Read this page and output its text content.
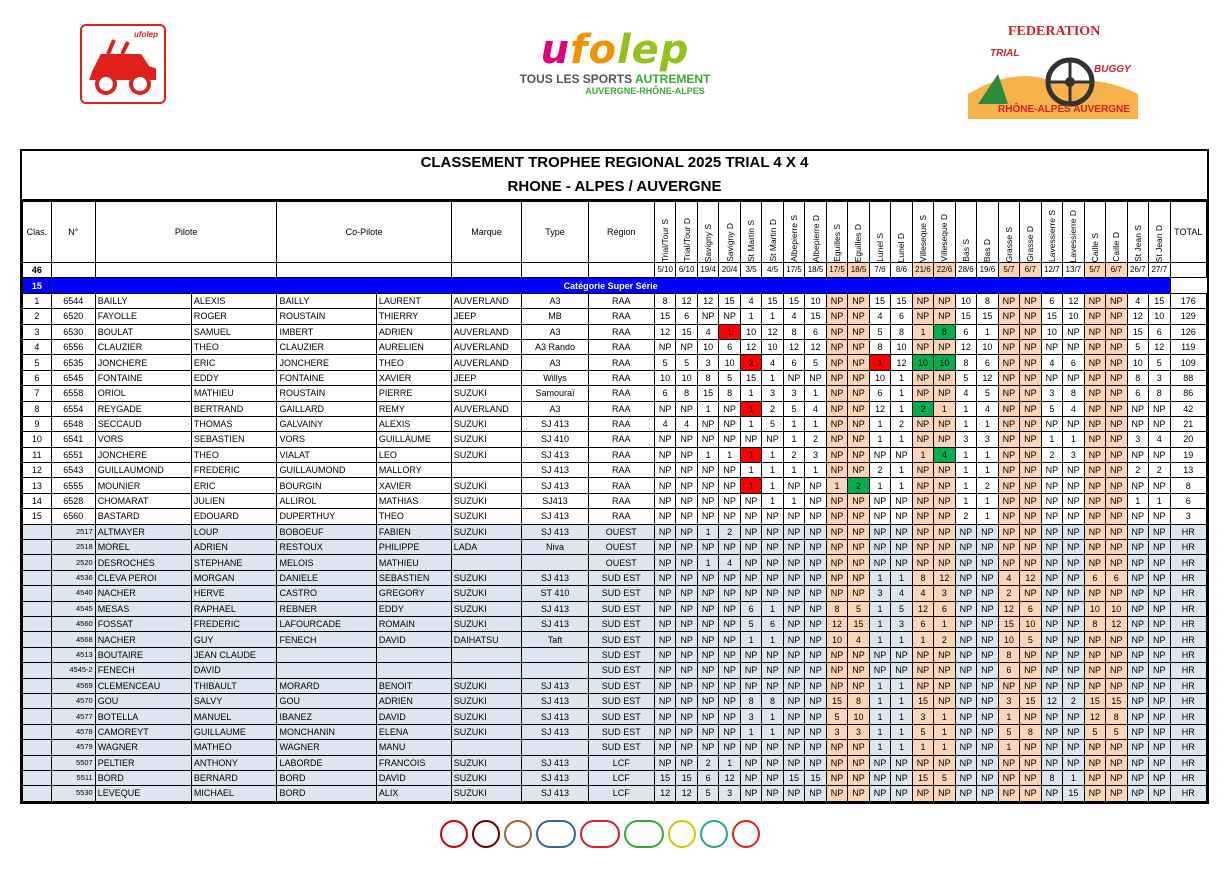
ufolep	ufolep
TOUS LES SPORTS AUTREMENT
AUVERGNE-RHÔNE-ALPES
FEDERATION
TRIAL
BUGGY
RHÔNE-ALPES AUVERGNE
CLASSEMENT TROPHEE REGIONAL 2025 TRIAL 4 X 4
RHONE - ALPES / AUVERGNE
Clas.	N°	Pilote		Co-Pilote		Marque	Type	Région	Trial/Tour S	Trial/Tour D	Savigny S	Savigny D	St Martin S	St Martin D	Albepierre S	Albepierre D	Eguilles S	Eguilles D	Lunel S	Lunel D	Villeseque S	Villeseque D	Bas S	Bas D	Grasse S	Grasse D	Lavessierre S	Lavessierre D	Caille S	Caille D	St Jean S	St Jean D	TOTAL
46									5/10	6/10	19/4	20/4	3/5	4/5	17/5	18/5	17/5	18/5	7/6	8/6	21/6	22/6	28/6	19/6	5/7	6/7	12/7	13/7	5/7	6/7	26/7	27/7	
15	Catégorie Super Série																																
1	6544	BAILLY	ALEXIS	BAILLY	LAURENT	AUVERLAND	A3	RAA	8	12	12	15	4	15	15	10	NP	NP	15	15	NP	NP	10	8	NP	NP	6	12	NP	NP	4	15	176
2	6520	FAYOLLE	ROGER	ROUSTAIN	THIERRY	JEEP	MB	RAA	15	6	NP	NP	1	1	4	15	NP	NP	4	6	NP	NP	15	15	NP	NP	15	10	NP	NP	12	10	129
3	6530	BOULAT	SAMUEL	IMBERT	ADRIEN	AUVERLAND	A3	RAA	12	15	4	1	10	12	8	6	NP	NP	5	8	1	8	6	1	NP	NP	10	NP	NP	NP	15	6	126
4	6556	CLAUZIER	THEO	CLAUZIER	AURELIEN	AUVERLAND	A3 Rando	RAA	NP	NP	10	6	12	10	12	12	NP	NP	8	10	NP	NP	12	10	NP	NP	NP	NP	NP	NP	5	12	119
5	6535	JONCHERE	ERIC	JONCHERE	THEO	AUVERLAND	A3	RAA	5	5	3	10	2	4	6	5	NP	NP	1	12	10	10	8	6	NP	NP	4	6	NP	NP	10	5	109
6	6545	FONTAINE	EDDY	FONTAINE	XAVIER	JEEP	Willys	RAA	10	10	8	5	15	1	NP	NP	NP	NP	10	1	NP	NP	5	12	NP	NP	NP	NP	NP	NP	8	3	88
7	6558	ORIOL	MATHIEU	ROUSTAIN	PIERRE	SUZUKI	Samouraï	RAA	6	8	15	8	1	3	3	1	NP	NP	6	1	NP	NP	4	5	NP	NP	3	8	NP	NP	6	8	86
8	6554	REYGADE	BERTRAND	GAILLARD	REMY	AUVERLAND	A3	RAA	NP	NP	1	NP	1	2	5	4	NP	NP	12	1	2	1	1	4	NP	NP	5	4	NP	NP	NP	NP	42
9	6548	SECCAUD	THOMAS	GALVAINY	ALEXIS	SUZUKI	SJ 413	RAA	4	4	NP	NP	1	5	1	1	NP	NP	1	2	NP	NP	1	1	NP	NP	NP	NP	NP	NP	NP	NP	21
10	6541	VORS	SEBASTIEN	VORS	GUILLAUME	SUZUKI	SJ 410	RAA	NP	NP	NP	NP	NP	NP	1	2	NP	NP	1	1	NP	NP	3	3	NP	NP	1	1	NP	NP	3	4	20
11	6551	JONCHERE	THEO	VIALAT	LEO	SUZUKI	SJ 413	RAA	NP	NP	1	1	1	1	2	3	NP	NP	NP	NP	1	4	1	1	NP	NP	2	3	NP	NP	NP	NP	19
12	6543	GUILLAUMOND	FREDERIC	GUILLAUMOND	MALLORY		SJ 413	RAA	NP	NP	NP	NP	1	1	1	1	NP	NP	2	1	NP	NP	1	1	NP	NP	NP	NP	NP	NP	2	2	13
13	6555	MOUNIER	ERIC	BOURGIN	XAVIER	SUZUKI	SJ 413	RAA	NP	NP	NP	NP	1	1	NP	NP	1	2	1	1	NP	NP	1	2	NP	NP	NP	NP	NP	NP	NP	NP	8
14	6528	CHOMARAT	JULIEN	ALLIROL	MATHIAS	SUZUKI	SJ413	RAA	NP	NP	NP	NP	NP	1	1	NP	NP	NP	NP	NP	NP	NP	1	1	NP	NP	NP	NP	NP	NP	1	1	6
15	6560	BASTARD	EDOUARD	DUPERTHUY	THEO	SUZUKI	SJ 413	RAA	NP	NP	NP	NP	NP	NP	NP	NP	NP	NP	NP	NP	NP	NP	2	1	NP	NP	NP	NP	NP	NP	NP	NP	3
	2517	ALTMAYER	LOUP	BOBOEUF	FABIEN	SUZUKI	SJ 413	OUEST	NP	NP	1	2	NP	NP	NP	NP	NP	NP	NP	NP	NP	NP	NP	NP	NP	NP	NP	NP	NP	NP	NP	NP	HR
	2518	MOREL	ADRIEN	RESTOUX	PHILIPPE	LADA	Niva	OUEST	NP	NP	NP	NP	NP	NP	NP	NP	NP	NP	NP	NP	NP	NP	NP	NP	NP	NP	NP	NP	NP	NP	NP	NP	HR
	2520	DESROCHES	STEPHANE	MELOIS	MATHIEU			OUEST	NP	NP	1	4	NP	NP	NP	NP	NP	NP	NP	NP	NP	NP	NP	NP	NP	NP	NP	NP	NP	NP	NP	NP	HR
	4536	CLEVA PEROI	MORGAN	DANIELE	SEBASTIEN	SUZUKI	SJ 413	SUD EST	NP	NP	NP	NP	NP	NP	NP	NP	NP	NP	1	1	8	12	NP	NP	4	12	NP	NP	6	6	NP	NP	HR
	4540	NACHER	HERVE	CASTRO	GREGORY	SUZUKI	ST 410	SUD EST	NP	NP	NP	NP	NP	NP	NP	NP	NP	NP	3	4	4	3	NP	NP	2	NP	NP	NP	NP	NP	NP	NP	HR
	4545	MESAS	RAPHAEL	REBNER	EDDY	SUZUKI	SJ 413	SUD EST	NP	NP	NP	NP	6	1	NP	NP	8	5	1	5	12	6	NP	NP	12	6	NP	NP	10	10	NP	NP	HR
	4560	FOSSAT	FREDERIC	LAFOURCADE	ROMAIN	SUZUKI	SJ 413	SUD EST	NP	NP	NP	NP	5	6	NP	NP	12	15	1	3	6	1	NP	NP	15	10	NP	NP	8	12	NP	NP	HR
	4568	NACHER	GUY	FENECH	DAVID	DAIHATSU	Taft	SUD EST	NP	NP	NP	NP	1	1	NP	NP	10	4	1	1	1	2	NP	NP	10	5	NP	NP	NP	NP	NP	NP	HR
	4513	BOUTAIRE	JEAN CLAUDE					SUD EST	NP	NP	NP	NP	NP	NP	NP	NP	NP	NP	NP	NP	NP	NP	NP	NP	8	NP	NP	NP	NP	NP	NP	NP	HR
	4545-2	FENECH	DAVID					SUD EST	NP	NP	NP	NP	NP	NP	NP	NP	NP	NP	NP	NP	NP	NP	NP	NP	6	NP	NP	NP	NP	NP	NP	NP	HR
	4569	CLEMENCEAU	THIBAULT	MORARD	BENOIT	SUZUKI	SJ 413	SUD EST	NP	NP	NP	NP	NP	NP	NP	NP	NP	NP	1	1	NP	NP	NP	NP	NP	NP	NP	NP	NP	NP	NP	NP	HR
	4570	GOU	SALVY	GOU	ADRIEN	SUZUKI	SJ 413	SUD EST	NP	NP	NP	NP	8	8	NP	NP	15	8	1	1	15	NP	NP	NP	3	15	12	2	15	15	NP	NP	HR
	4577	BOTELLA	MANUEL	IBANEZ	DAVID	SUZUKI	SJ 413	SUD EST	NP	NP	NP	NP	3	1	NP	NP	5	10	1	1	3	1	NP	NP	1	NP	NP	NP	12	8	NP	NP	HR
	4578	CAMOREYT	GUILLAUME	MONCHANIN	ELENA	SUZUKI	SJ 413	SUD EST	NP	NP	NP	NP	1	1	NP	NP	3	3	1	1	5	1	NP	NP	5	8	NP	NP	5	5	NP	NP	HR
	4579	WAGNER	MATHEO	WAGNER	MANU			SUD EST	NP	NP	NP	NP	NP	NP	NP	NP	NP	NP	1	1	1	1	NP	NP	1	NP	NP	NP	NP	NP	NP	NP	HR
	5507	PELTIER	ANTHONY	LABORDE	FRANCOIS	SUZUKI	SJ 413	LCF	NP	NP	2	1	NP	NP	NP	NP	NP	NP	NP	NP	NP	NP	NP	NP	NP	NP	NP	NP	NP	NP	NP	NP	HR
	5511	BORD	BERNARD	BORD	DAVID	SUZUKI	SJ 413	LCF	15	15	6	12	NP	NP	15	15	NP	NP	NP	NP	15	5	NP	NP	NP	NP	8	1	NP	NP	NP	NP	HR
	5530	LEVEQUE	MICHAEL	BORD	ALIX	SUZUKI	SJ 413	LCF	12	12	5	3	NP	NP	NP	NP	NP	NP	NP	NP	NP	NP	NP	NP	NP	NP	NP	15	NP	NP	NP	NP	HR
